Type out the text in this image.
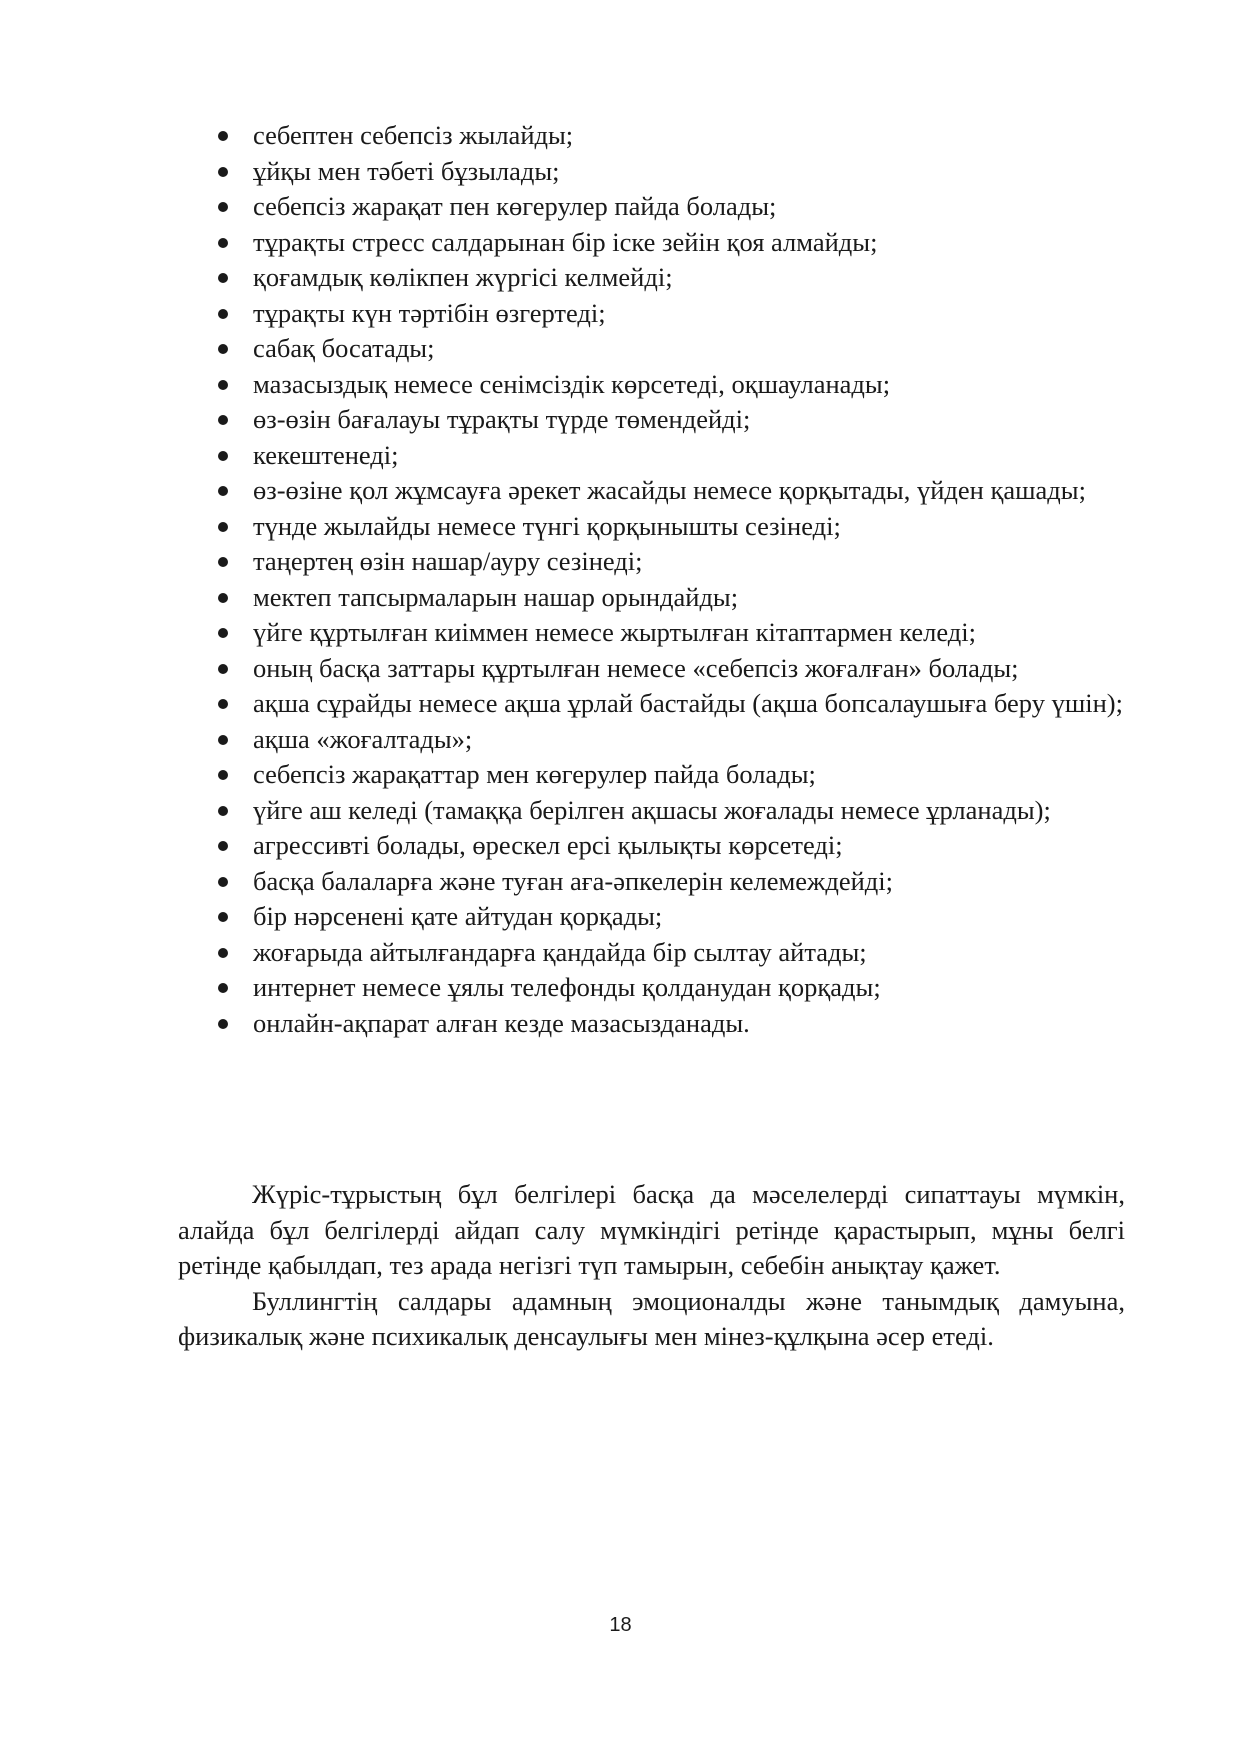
себептен себепсіз жылайды;
ұйқы мен тәбеті бұзылады;
себепсіз жарақат пен көгерулер пайда болады;
тұрақты стресс салдарынан бір іске зейін қоя алмайды;
қоғамдық көлікпен жүргісі келмейді;
тұрақты күн тәртібін өзгертеді;
сабақ босатады;
мазасыздық немесе сенімсіздік көрсетеді, оқшауланады;
өз-өзін бағалауы тұрақты түрде төмендейді;
кекештенеді;
өз-өзіне қол жұмсауға әрекет жасайды немесе қорқытады, үйден қашады;
түнде жылайды немесе түнгі қорқынышты сезінеді;
таңертең өзін нашар/ауру сезінеді;
мектеп тапсырмаларын нашар орындайды;
үйге құртылған киіммен немесе жыртылған кітаптармен келеді;
оның басқа заттары құртылған немесе «себепсіз жоғалған» болады;
ақша сұрайды немесе ақша ұрлай бастайды (ақша бопсалаушыға беру үшін);
ақша «жоғалтады»;
себепсіз жарақаттар мен көгерулер пайда болады;
үйге аш келеді (тамаққа берілген ақшасы жоғалады немесе ұрланады);
агрессивті болады, өрескел ерсі қылықты көрсетеді;
басқа балаларға және туған аға-әпкелерін келемеждейді;
бір нәрсенені қате айтудан қорқады;
жоғарыда айтылғандарға қандайда бір сылтау айтады;
интернет немесе ұялы телефонды қолданудан қорқады;
онлайн-ақпарат алған кезде мазасызданады.

Жүріс-тұрыстың бұл белгілері басқа да мәселелерді сипаттауы мүмкін, алайда бұл белгілерді айдап салу мүмкіндігі ретінде қарастырып, мұны белгі ретінде қабылдап, тез арада негізгі түп тамырын, себебін анықтау қажет.

Буллингтің салдары адамның эмоционалды және танымдық дамуына, физикалық және психикалық денсаулығы мен мінез-құлқына әсер етеді.

18
